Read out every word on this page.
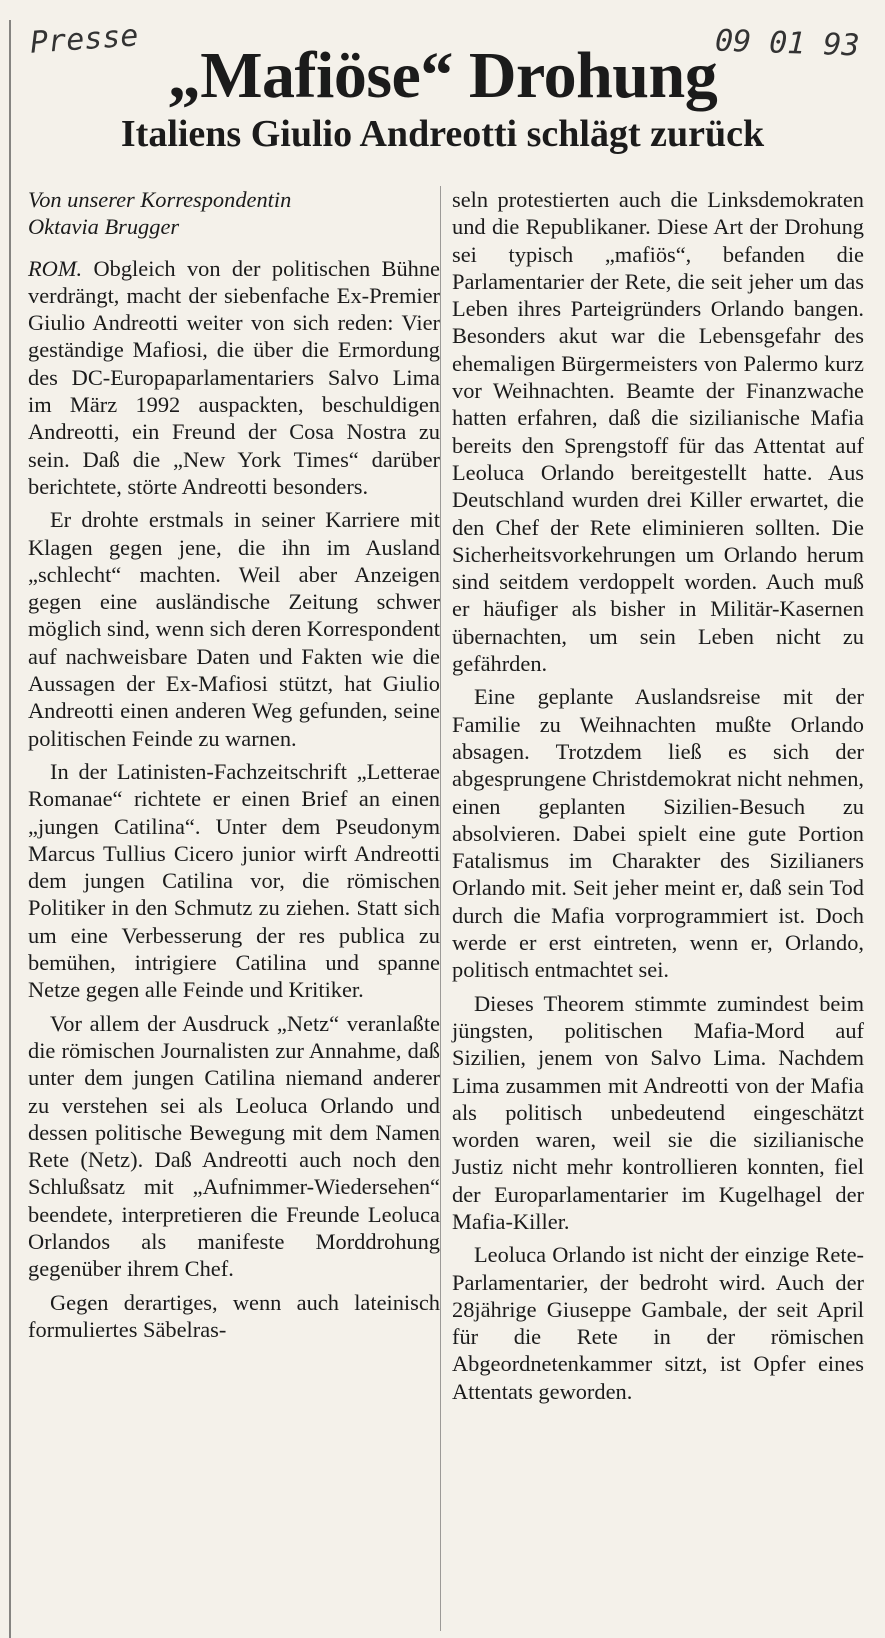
Presse	09 01 93
„Mafiöse“ Drohung
Italiens Giulio Andreotti schlägt zurück
Von unserer Korrespondentin
Oktavia Brugger

ROM. Obgleich von der politischen Bühne verdrängt, macht der siebenfache Ex-Premier Giulio Andreotti weiter von sich reden: Vier geständige Mafiosi, die über die Ermordung des DC-Europaparlamentariers Salvo Lima im März 1992 auspackten, beschuldigen Andreotti, ein Freund der Cosa Nostra zu sein. Daß die „New York Times“ darüber berichtete, störte Andreotti besonders.

Er drohte erstmals in seiner Karriere mit Klagen gegen jene, die ihn im Ausland „schlecht“ machten. Weil aber Anzeigen gegen eine ausländische Zeitung schwer möglich sind, wenn sich deren Korrespondent auf nachweisbare Daten und Fakten wie die Aussagen der Ex-Mafiosi stützt, hat Giulio Andreotti einen anderen Weg gefunden, seine politischen Feinde zu warnen.

In der Latinisten-Fachzeitschrift „Letterae Romanae“ richtete er einen Brief an einen „jungen Catilina“. Unter dem Pseudonym Marcus Tullius Cicero junior wirft Andreotti dem jungen Catilina vor, die römischen Politiker in den Schmutz zu ziehen. Statt sich um eine Verbesserung der res publica zu bemühen, intrigiere Catilina und spanne Netze gegen alle Feinde und Kritiker.

Vor allem der Ausdruck „Netz“ veranlaßte die römischen Journalisten zur Annahme, daß unter dem jungen Catilina niemand anderer zu verstehen sei als Leoluca Orlando und dessen politische Bewegung mit dem Namen Rete (Netz). Daß Andreotti auch noch den Schlußsatz mit „Aufnimmer-Wiedersehen“ beendete, interpretieren die Freunde Leoluca Orlandos als manifeste Morddrohung gegenüber ihrem Chef.

Gegen derartiges, wenn auch lateinisch formuliertes Säbelras-

seln protestierten auch die Linksdemokraten und die Republikaner. Diese Art der Drohung sei typisch „mafiös“, befanden die Parlamentarier der Rete, die seit jeher um das Leben ihres Parteigründers Orlando bangen. Besonders akut war die Lebensgefahr des ehemaligen Bürgermeisters von Palermo kurz vor Weihnachten. Beamte der Finanzwache hatten erfahren, daß die sizilianische Mafia bereits den Sprengstoff für das Attentat auf Leoluca Orlando bereitgestellt hatte. Aus Deutschland wurden drei Killer erwartet, die den Chef der Rete eliminieren sollten. Die Sicherheitsvorkehrungen um Orlando herum sind seitdem verdoppelt worden. Auch muß er häufiger als bisher in Militär-Kasernen übernachten, um sein Leben nicht zu gefährden.

Eine geplante Auslandsreise mit der Familie zu Weihnachten mußte Orlando absagen. Trotzdem ließ es sich der abgesprungene Christdemokrat nicht nehmen, einen geplanten Sizilien-Besuch zu absolvieren. Dabei spielt eine gute Portion Fatalismus im Charakter des Sizilianers Orlando mit. Seit jeher meint er, daß sein Tod durch die Mafia vorprogrammiert ist. Doch werde er erst eintreten, wenn er, Orlando, politisch entmachtet sei.

Dieses Theorem stimmte zumindest beim jüngsten, politischen Mafia-Mord auf Sizilien, jenem von Salvo Lima. Nachdem Lima zusammen mit Andreotti von der Mafia als politisch unbedeutend eingeschätzt worden waren, weil sie die sizilianische Justiz nicht mehr kontrollieren konnten, fiel der Europarlamentarier im Kugelhagel der Mafia-Killer.

Leoluca Orlando ist nicht der einzige Rete-Parlamentarier, der bedroht wird. Auch der 28jährige Giuseppe Gambale, der seit April für die Rete in der römischen Abgeordnetenkammer sitzt, ist Opfer eines Attentats geworden.
